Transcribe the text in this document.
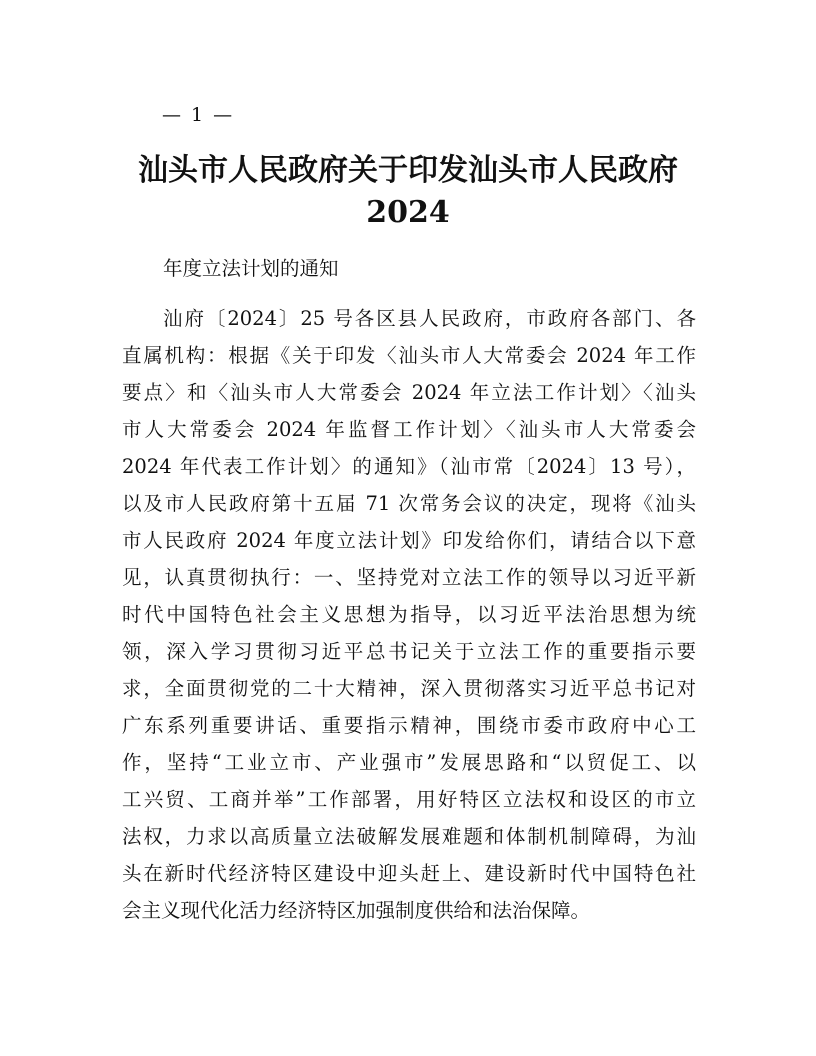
— 1 —
汕头市人民政府关于印发汕头市人民政府
2024
年度立法计划的通知
汕府〔2024〕25 号各区县人民政府，市政府各部门、各
直属机构：根据《关于印发〈汕头市人大常委会 2024 年工作
要点〉和〈汕头市人大常委会 2024 年立法工作计划〉〈汕头
市人大常委会 2024 年监督工作计划〉〈汕头市人大常委会
2024 年代表工作计划〉的通知》（汕市常〔2024〕13 号），
以及市人民政府第十五届 71 次常务会议的决定，现将《汕头
市人民政府 2024 年度立法计划》印发给你们，请结合以下意
见，认真贯彻执行：一、坚持党对立法工作的领导以习近平新
时代中国特色社会主义思想为指导，以习近平法治思想为统
领，深入学习贯彻习近平总书记关于立法工作的重要指示要
求，全面贯彻党的二十大精神，深入贯彻落实习近平总书记对
广东系列重要讲话、重要指示精神，围绕市委市政府中心工
作，坚持“工业立市、产业强市”发展思路和“以贸促工、以
工兴贸、工商并举”工作部署，用好特区立法权和设区的市立
法权，力求以高质量立法破解发展难题和体制机制障碍，为汕
头在新时代经济特区建设中迎头赶上、建设新时代中国特色社
会主义现代化活力经济特区加强制度供给和法治保障。
